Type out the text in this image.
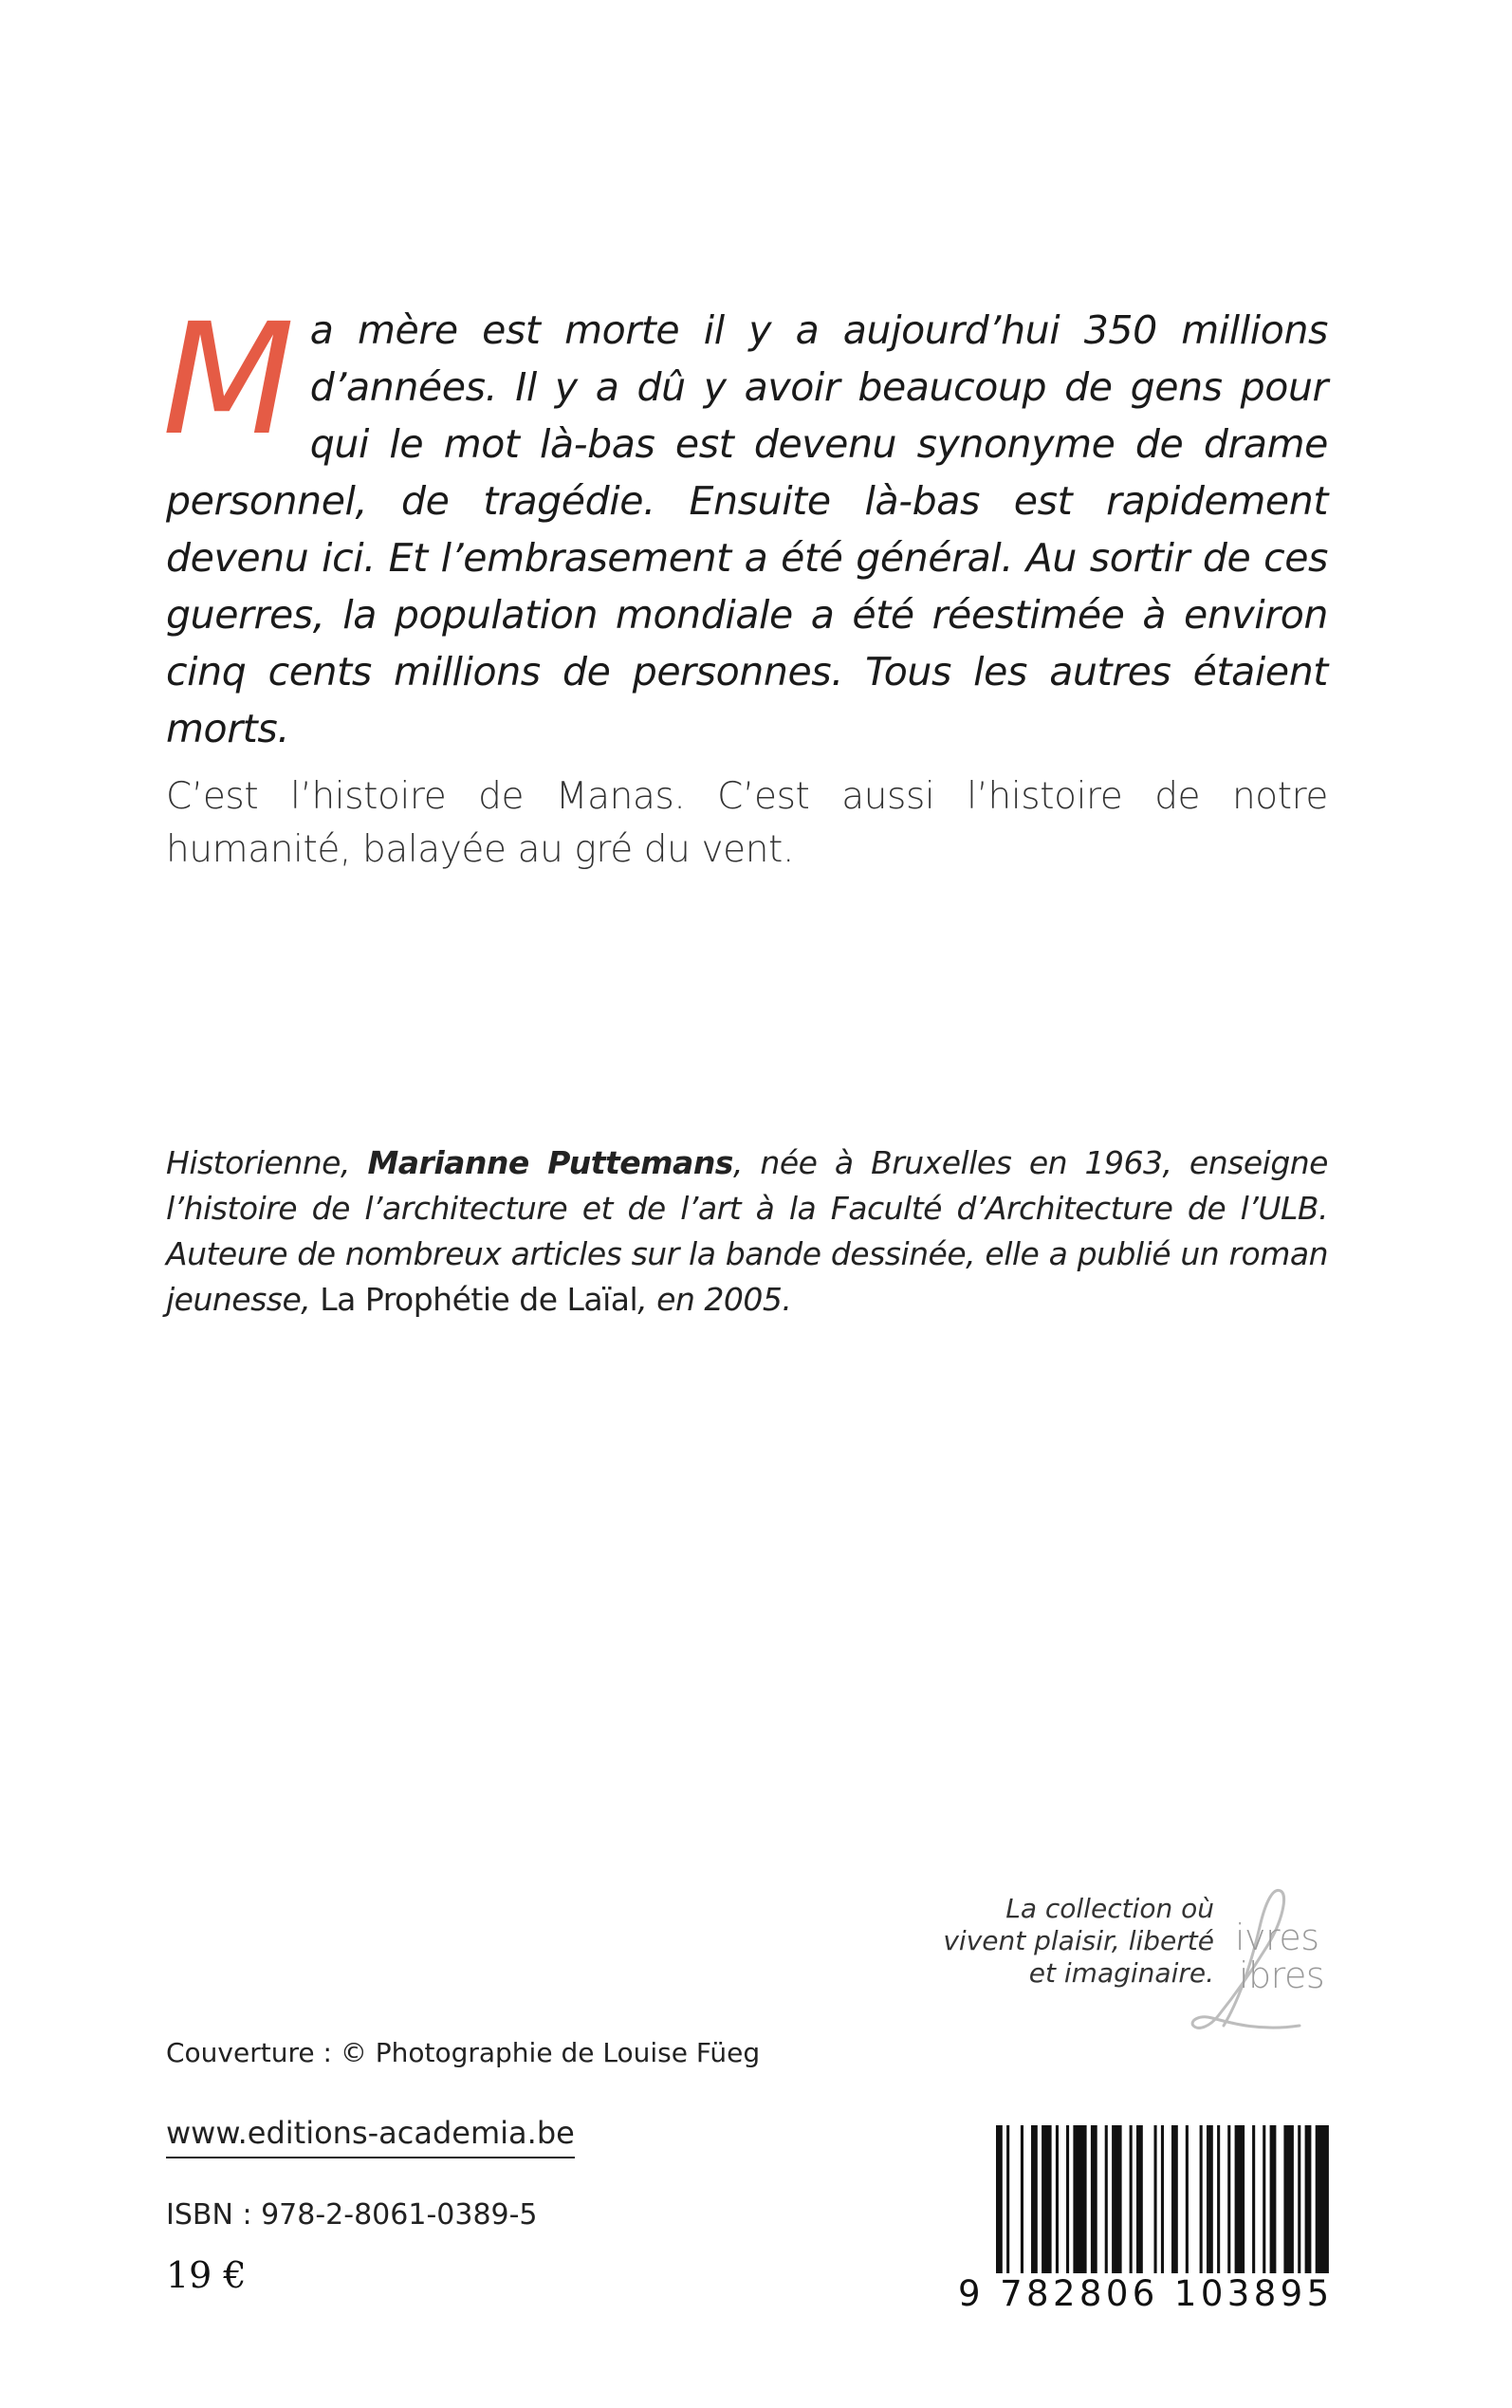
Ma mère est morte il y a aujourd’hui 350 millions d’années. Il y a dû y avoir beaucoup de gens pour qui le mot là-bas est devenu synonyme de drame personnel, de tragédie. Ensuite là-bas est rapidement devenu ici. Et l’embrasement a été général. Au sortir de ces guerres, la population mondiale a été réestimée à environ cinq cents millions de personnes. Tous les autres étaient morts.
C’est l’histoire de Manas. C’est aussi l’histoire de notre humanité, balayée au gré du vent.
Historienne, Marianne Puttemans, née à Bruxelles en 1963, enseigne l’histoire de l’architecture et de l’art à la Faculté d’Architecture de l’ULB. Auteure de nombreux articles sur la bande dessinée, elle a publié un roman jeunesse, La Prophétie de Laïal, en 2005.
La collection où
vivent plaisir, liberté
et imaginaire.
ivres
ibres
Couverture : © Photographie de Louise Füeg
www.editions-academia.be
ISBN : 978-2-8061-0389-5
19 €	9 782806 103895
